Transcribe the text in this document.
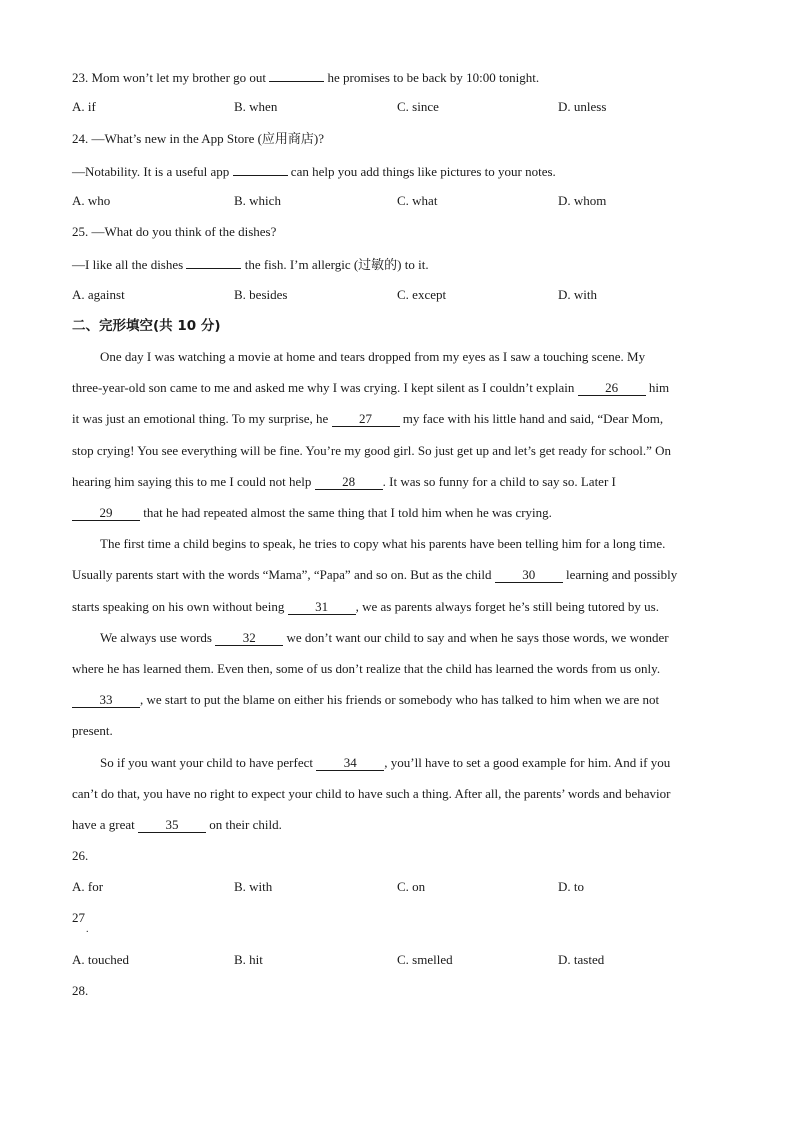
23. Mom won’t let my brother go out	he promises to be back by 10:00 tonight.
A. if	B. when	C. since	D. unless
24. —What’s new in the App Store (应用商店)?
—Notability. It is a useful app	can help you add things like pictures to your notes.
A. who	B. which	C. what	D. whom
25. —What do you think of the dishes?
—I like all the dishes	the fish. I’m allergic (过敏的) to it.
A. against	B. besides	C. except	D. with
二、完形填空(共 10 分)
One day I was watching a movie at home and tears dropped from my eyes as I saw a touching scene. My
three-year-old son came to me and asked me why I was crying. I kept silent as I couldn’t explain 26 him
it was just an emotional thing. To my surprise, he 27 my face with his little hand and said, “Dear Mom,
stop crying! You see everything will be fine. You’re my good girl. So just get up and let’s get ready for school.” On
hearing him saying this to me I could not help 28 . It was so funny for a child to say so. Later I
29 that he had repeated almost the same thing that I told him when he was crying.
The first time a child begins to speak, he tries to copy what his parents have been telling him for a long time.
Usually parents start with the words “Mama”, “Papa” and so on. But as the child 30 learning and possibly
starts speaking on his own without being 31 , we as parents always forget he’s still being tutored by us.
We always use words 32 we don’t want our child to say and when he says those words, we wonder
where he has learned them. Even then, some of us don’t realize that the child has learned the words from us only.
33 , we start to put the blame on either his friends or somebody who has talked to him when we are not
present.
So if you want your child to have perfect 34 , you’ll have to set a good example for him. And if you
can’t do that, you have no right to expect your child to have such a thing. After all, the parents’ words and behavior
have a great 35 on their child.
26.
A. for	B. with	C. on	D. to
27
.
A. touched	B. hit	C. smelled	D. tasted
28.
